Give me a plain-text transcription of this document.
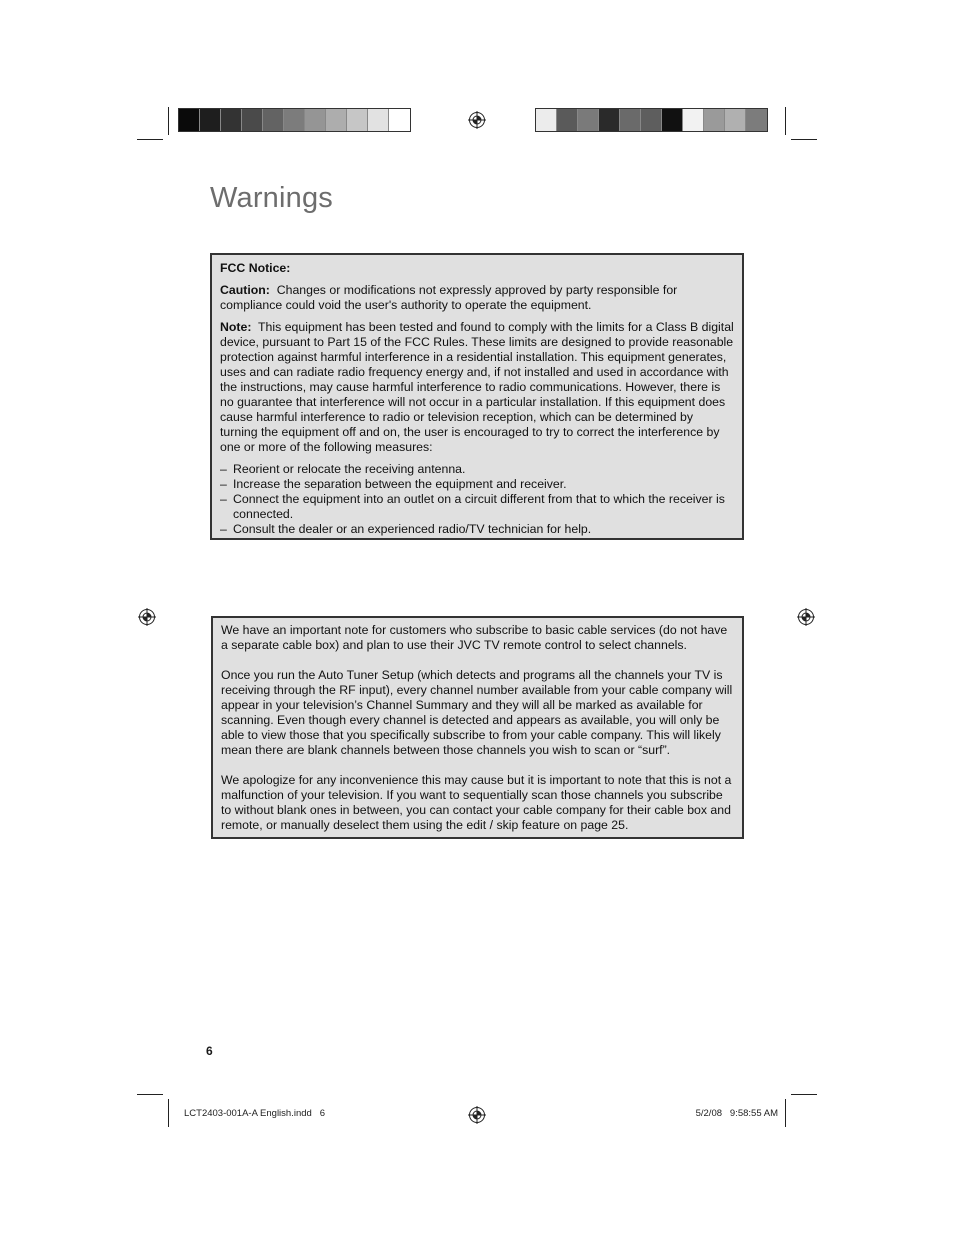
Warnings

FCC Notice:

Caution: Changes or modifications not expressly approved by party responsible for compliance could void the user's authority to operate the equipment.

Note: This equipment has been tested and found to comply with the limits for a Class B digital device, pursuant to Part 15 of the FCC Rules. These limits are designed to provide reasonable protection against harmful interference in a residential installation. This equipment generates, uses and can radiate radio frequency energy and, if not installed and used in accordance with the instructions, may cause harmful interference to radio communications. However, there is no guarantee that interference will not occur in a particular installation. If this equipment does cause harmful interference to radio or television reception, which can be determined by turning the equipment off and on, the user is encouraged to try to correct the interference by one or more of the following measures:

– Reorient or relocate the receiving antenna.
– Increase the separation between the equipment and receiver.
– Connect the equipment into an outlet on a circuit different from that to which the receiver is connected.
– Consult the dealer or an experienced radio/TV technician for help.

We have an important note for customers who subscribe to basic cable services (do not have a separate cable box) and plan to use their JVC TV remote control to select channels.

Once you run the Auto Tuner Setup (which detects and programs all the channels your TV is receiving through the RF input), every channel number available from your cable company will appear in your television’s Channel Summary and they will all be marked as available for scanning. Even though every channel is detected and appears as available, you will only be able to view those that you specifically subscribe to from your cable company. This will likely mean there are blank channels between those channels you wish to scan or “surf”.

We apologize for any inconvenience this may cause but it is important to note that this is not a malfunction of your television. If you want to sequentially scan those channels you subscribe to without blank ones in between, you can contact your cable company for their cable box and remote, or manually deselect them using the edit / skip feature on page 25.

6
LCT2403-001A-A English.indd   6	5/2/08   9:58:55 AM
